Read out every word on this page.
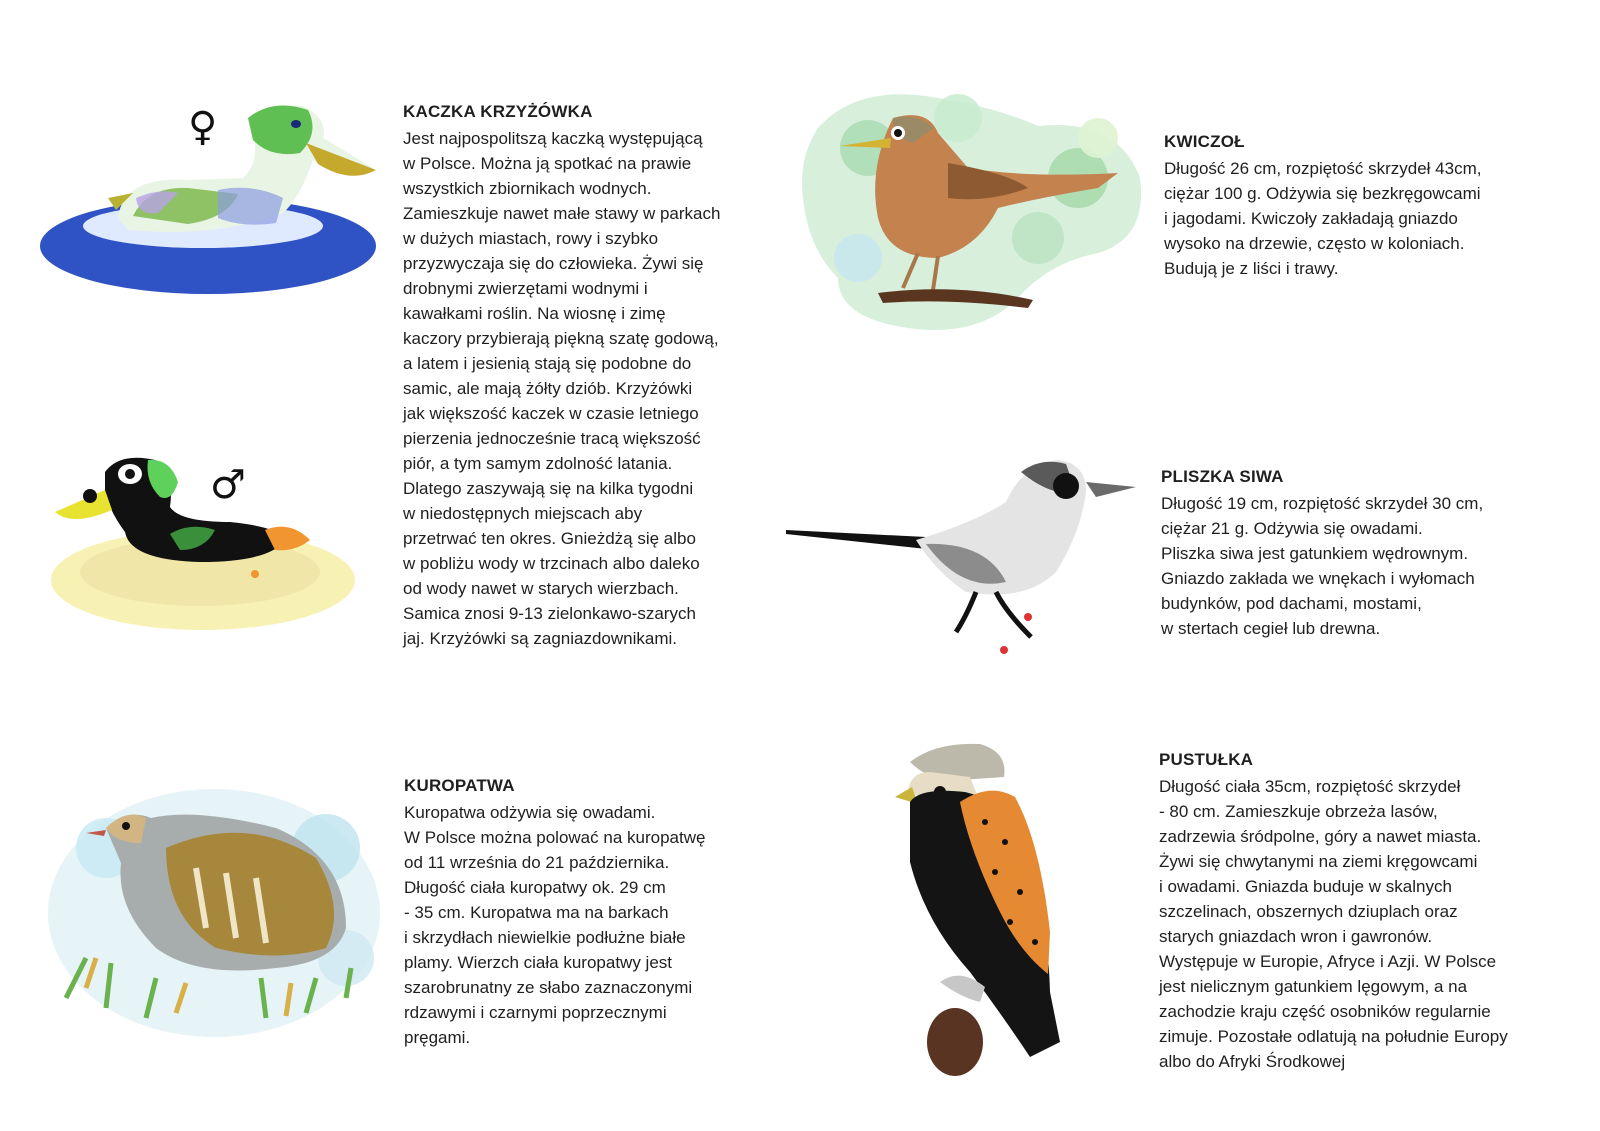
♀
♂
KACZKA KRZYŻÓWKA
Jest najpospolitszą kaczką występującą
w Polsce. Można ją spotkać na prawie
wszystkich zbiornikach wodnych.
Zamieszkuje nawet małe stawy w parkach
w dużych miastach, rowy i szybko
przyzwyczaja się do człowieka. Żywi się
drobnymi zwierzętami wodnymi i
kawałkami roślin. Na wiosnę i zimę
kaczory przybierają piękną szatę godową,
a latem i jesienią stają się podobne do
samic, ale mają żółty dziób. Krzyżówki
jak większość kaczek w czasie letniego
pierzenia jednocześnie tracą większość
piór, a tym samym zdolność latania.
Dlatego zaszywają się na kilka tygodni
w niedostępnych miejscach aby
przetrwać ten okres. Gnieżdżą się albo
w pobliżu wody w trzcinach albo daleko
od wody nawet w starych wierzbach.
Samica znosi 9-13 zielonkawo-szarych
jaj. Krzyżówki są zagniazdownikami.
KWICZOŁ
Długość 26 cm, rozpiętość skrzydeł 43cm,
ciężar 100 g. Odżywia się bezkręgowcami
i jagodami. Kwiczoły zakładają gniazdo
wysoko na drzewie, często w koloniach.
Budują je z liści i trawy.
PLISZKA SIWA
Długość 19 cm, rozpiętość skrzydeł 30 cm,
ciężar 21 g. Odżywia się owadami.
Pliszka siwa jest gatunkiem wędrownym.
Gniazdo zakłada we wnękach i wyłomach
budynków, pod dachami, mostami,
w stertach cegieł lub drewna.
KUROPATWA
Kuropatwa odżywia się owadami.
W Polsce można polować na kuropatwę
od 11 września do 21 października.
Długość ciała kuropatwy ok. 29 cm
- 35 cm. Kuropatwa ma na barkach
i skrzydłach niewielkie podłużne białe
plamy. Wierzch ciała kuropatwy jest
szarobrunatny ze słabo zaznaczonymi
rdzawymi i czarnymi poprzecznymi
pręgami.
PUSTUŁKA
Długość ciała 35cm, rozpiętość skrzydeł
- 80 cm. Zamieszkuje obrzeża lasów,
zadrzewia śródpolne, góry a nawet miasta.
Żywi się chwytanymi na ziemi kręgowcami
i owadami. Gniazda buduje w skalnych
szczelinach, obszernych dziuplach oraz
starych gniazdach wron i gawronów.
Występuje w Europie, Afryce i Azji. W Polsce
jest nielicznym gatunkiem lęgowym, a na
zachodzie kraju część osobników regularnie
zimuje. Pozostałe odlatują na południe Europy
albo do Afryki Środkowej
